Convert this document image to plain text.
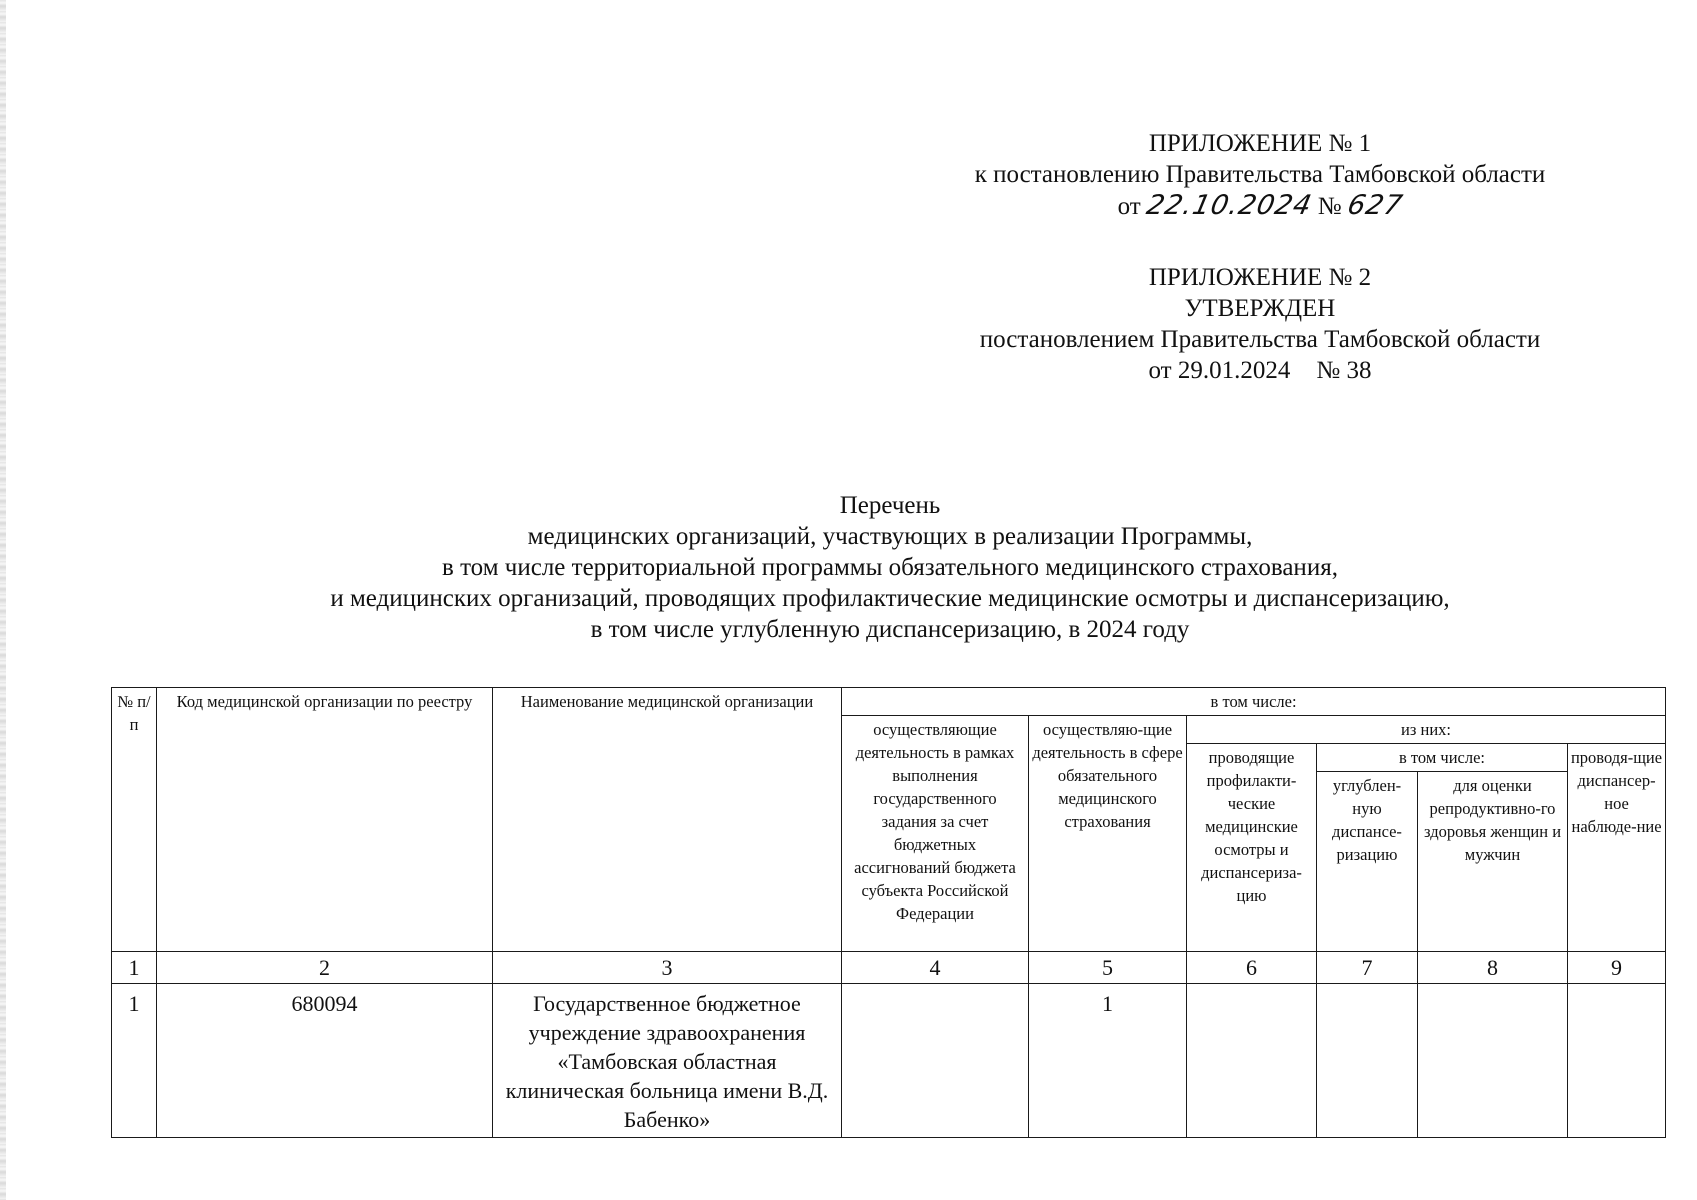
ПРИЛОЖЕНИЕ № 1
к постановлению Правительства Тамбовской области
от 22.10.2024 № 627
ПРИЛОЖЕНИЕ № 2
УТВЕРЖДЕН
постановлением Правительства Тамбовской области
от 29.01.2024 № 38
Перечень
медицинских организаций, участвующих в реализации Программы,
в том числе территориальной программы обязательного медицинского страхования,
и медицинских организаций, проводящих профилактические медицинские осмотры и диспансеризацию,
в том числе углубленную диспансеризацию, в 2024 году
№ п/п	Код медицинской организации по реестру	Наименование медицинской организации	в том числе:					
			осуществляющие деятельность в рамках выполнения государственного задания за счет бюджетных ассигнований бюджета субъекта Российской Федерации	осуществляю-щие деятельность в сфере обязательного медицинского страхования	из них:			
					проводящие профилакти-ческие медицинские осмотры и диспансериза-цию	в том числе:		проводя-щие диспансер-ное наблюде-ние
						углублен-ную диспансе-ризацию	для оценки репродуктивно-го здоровья женщин и мужчин	

1	2	3	4	5	6	7	8	9
1	680094	Государственное бюджетное учреждение здравоохранения «Тамбовская областная клиническая больница имени В.Д. Бабенко»		1				
